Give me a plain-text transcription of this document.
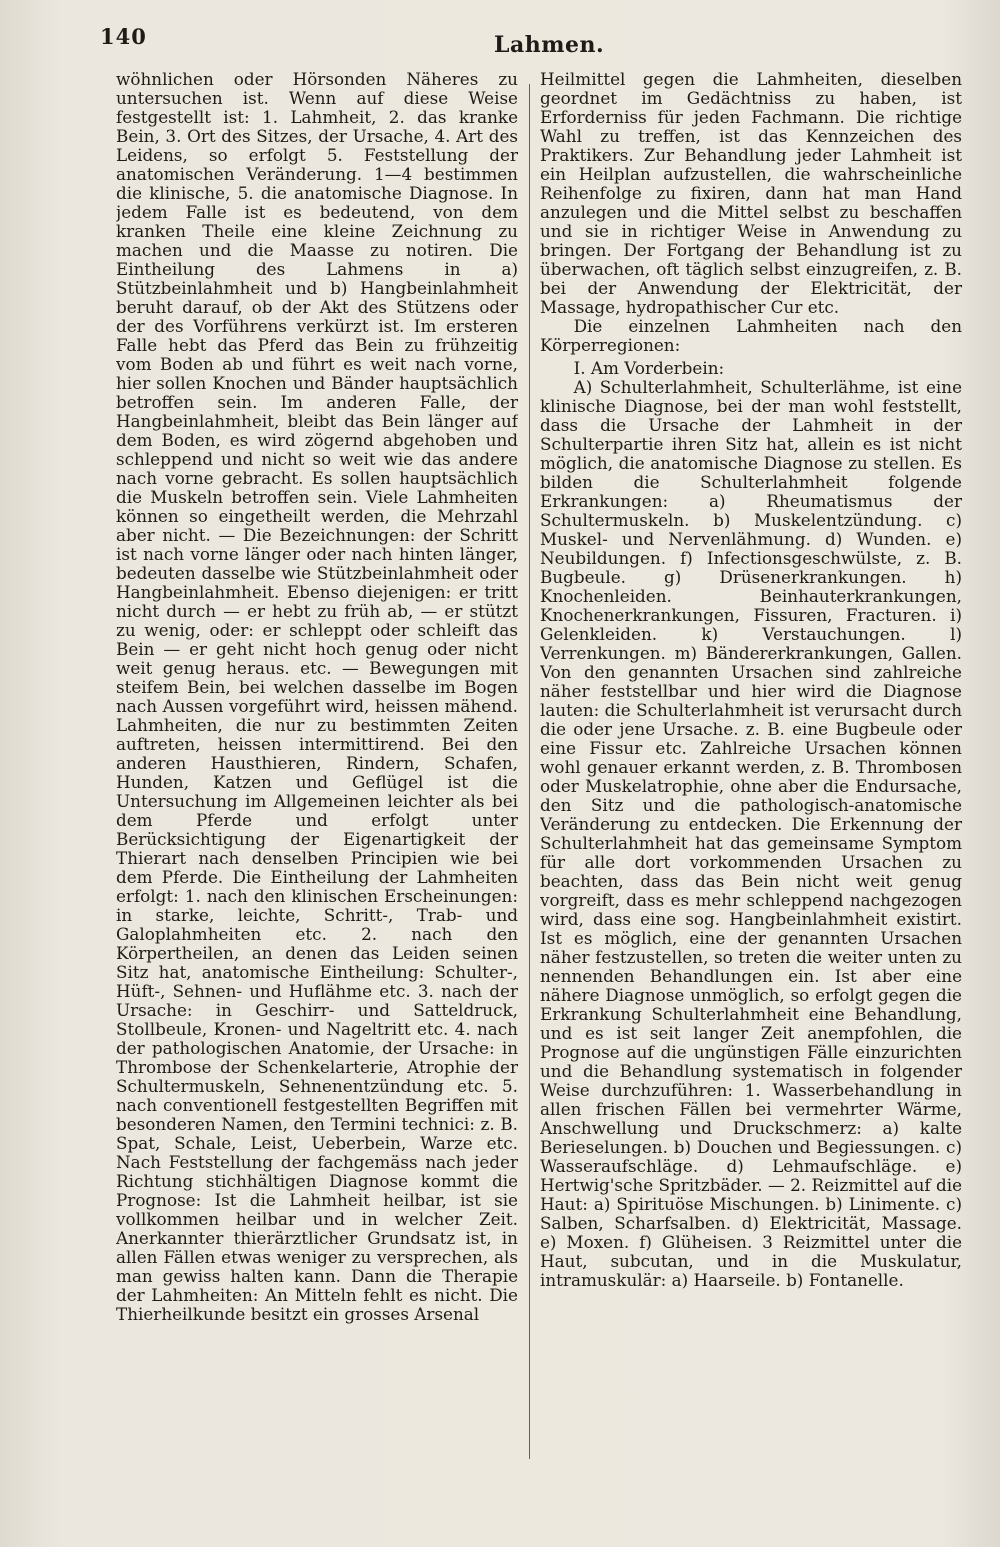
140	Lahmen.

wöhnlichen oder Hörsonden Näheres zu untersuchen ist. Wenn auf diese Weise festgestellt ist: 1. Lahmheit, 2. das kranke Bein, 3. Ort des Sitzes, der Ursache, 4. Art des Leidens, so erfolgt 5. Feststellung der anatomischen Veränderung. 1—4 bestimmen die klinische, 5. die anatomische Diagnose. In jedem Falle ist es bedeutend, von dem kranken Theile eine kleine Zeichnung zu machen und die Maasse zu notiren. Die Eintheilung des Lahmens in a) Stützbeinlahmheit und b) Hangbeinlahmheit beruht darauf, ob der Akt des Stützens oder der des Vorführens verkürzt ist. Im ersteren Falle hebt das Pferd das Bein zu frühzeitig vom Boden ab und führt es weit nach vorne, hier sollen Knochen und Bänder hauptsächlich betroffen sein. Im anderen Falle, der Hangbeinlahmheit, bleibt das Bein länger auf dem Boden, es wird zögernd abgehoben und schleppend und nicht so weit wie das andere nach vorne gebracht. Es sollen hauptsächlich die Muskeln betroffen sein. Viele Lahmheiten können so eingetheilt werden, die Mehrzahl aber nicht. — Die Bezeichnungen: der Schritt ist nach vorne länger oder nach hinten länger, bedeuten dasselbe wie Stützbeinlahmheit oder Hangbeinlahmheit. Ebenso diejenigen: er tritt nicht durch — er hebt zu früh ab, — er stützt zu wenig, oder: er schleppt oder schleift das Bein — er geht nicht hoch genug oder nicht weit genug heraus. etc. — Bewegungen mit steifem Bein, bei welchen dasselbe im Bogen nach Aussen vorgeführt wird, heissen mähend. Lahmheiten, die nur zu bestimmten Zeiten auftreten, heissen intermittirend. Bei den anderen Hausthieren, Rindern, Schafen, Hunden, Katzen und Geflügel ist die Untersuchung im Allgemeinen leichter als bei dem Pferde und erfolgt unter Berücksichtigung der Eigenartigkeit der Thierart nach denselben Principien wie bei dem Pferde. Die Eintheilung der Lahmheiten erfolgt: 1. nach den klinischen Erscheinungen: in starke, leichte, Schritt-, Trab- und Galoplahmheiten etc. 2. nach den Körpertheilen, an denen das Leiden seinen Sitz hat, anatomische Eintheilung: Schulter-, Hüft-, Sehnen- und Huflähme etc. 3. nach der Ursache: in Geschirr- und Satteldruck, Stollbeule, Kronen- und Nageltritt etc. 4. nach der pathologischen Anatomie, der Ursache: in Thrombose der Schenkelarterie, Atrophie der Schultermuskeln, Sehnenentzündung etc. 5. nach conventionell festgestellten Begriffen mit besonderen Namen, den Termini technici: z. B. Spat, Schale, Leist, Ueberbein, Warze etc. Nach Feststellung der fachgemäss nach jeder Richtung stichhältigen Diagnose kommt die Prognose: Ist die Lahmheit heilbar, ist sie vollkommen heilbar und in welcher Zeit. Anerkannter thierärztlicher Grundsatz ist, in allen Fällen etwas weniger zu versprechen, als man gewiss halten kann. Dann die Therapie der Lahmheiten: An Mitteln fehlt es nicht. Die Thierheilkunde besitzt ein grosses Arsenal

Heilmittel gegen die Lahmheiten, dieselben geordnet im Gedächtniss zu haben, ist Erforderniss für jeden Fachmann. Die richtige Wahl zu treffen, ist das Kennzeichen des Praktikers. Zur Behandlung jeder Lahmheit ist ein Heilplan aufzustellen, die wahrscheinliche Reihenfolge zu fixiren, dann hat man Hand anzulegen und die Mittel selbst zu beschaffen und sie in richtiger Weise in Anwendung zu bringen. Der Fortgang der Behandlung ist zu überwachen, oft täglich selbst einzugreifen, z. B. bei der Anwendung der Elektricität, der Massage, hydropathischer Cur etc.

Die einzelnen Lahmheiten nach den Körperregionen:

I. Am Vorderbein:

A) Schulterlahmheit, Schulterlähme, ist eine klinische Diagnose, bei der man wohl feststellt, dass die Ursache der Lahmheit in der Schulterpartie ihren Sitz hat, allein es ist nicht möglich, die anatomische Diagnose zu stellen. Es bilden die Schulterlahmheit folgende Erkrankungen: a) Rheumatismus der Schultermuskeln. b) Muskelentzündung. c) Muskel- und Nervenlähmung. d) Wunden. e) Neubildungen. f) Infectionsgeschwülste, z. B. Bugbeule. g) Drüsenerkrankungen. h) Knochenleiden. Beinhauterkrankungen, Knochenerkrankungen, Fissuren, Fracturen. i) Gelenkleiden. k) Verstauchungen. l) Verrenkungen. m) Bändererkrankungen, Gallen. Von den genannten Ursachen sind zahlreiche näher feststellbar und hier wird die Diagnose lauten: die Schulterlahmheit ist verursacht durch die oder jene Ursache. z. B. eine Bugbeule oder eine Fissur etc. Zahlreiche Ursachen können wohl genauer erkannt werden, z. B. Thrombosen oder Muskelatrophie, ohne aber die Endursache, den Sitz und die pathologisch-anatomische Veränderung zu entdecken. Die Erkennung der Schulterlahmheit hat das gemeinsame Symptom für alle dort vorkommenden Ursachen zu beachten, dass das Bein nicht weit genug vorgreift, dass es mehr schleppend nachgezogen wird, dass eine sog. Hangbeinlahmheit existirt. Ist es möglich, eine der genannten Ursachen näher festzustellen, so treten die weiter unten zu nennenden Behandlungen ein. Ist aber eine nähere Diagnose unmöglich, so erfolgt gegen die Erkrankung Schulterlahmheit eine Behandlung, und es ist seit langer Zeit anempfohlen, die Prognose auf die ungünstigen Fälle einzurichten und die Behandlung systematisch in folgender Weise durchzuführen: 1. Wasserbehandlung in allen frischen Fällen bei vermehrter Wärme, Anschwellung und Druckschmerz: a) kalte Berieselungen. b) Douchen und Begiessungen. c) Wasseraufschläge. d) Lehmaufschläge. e) Hertwig'sche Spritzbäder. — 2. Reizmittel auf die Haut: a) Spirituöse Mischungen. b) Linimente. c) Salben, Scharfsalben. d) Elektricität, Massage. e) Moxen. f) Glüheisen. 3 Reizmittel unter die Haut, subcutan, und in die Muskulatur, intramuskulär: a) Haarseile. b) Fontanelle.
